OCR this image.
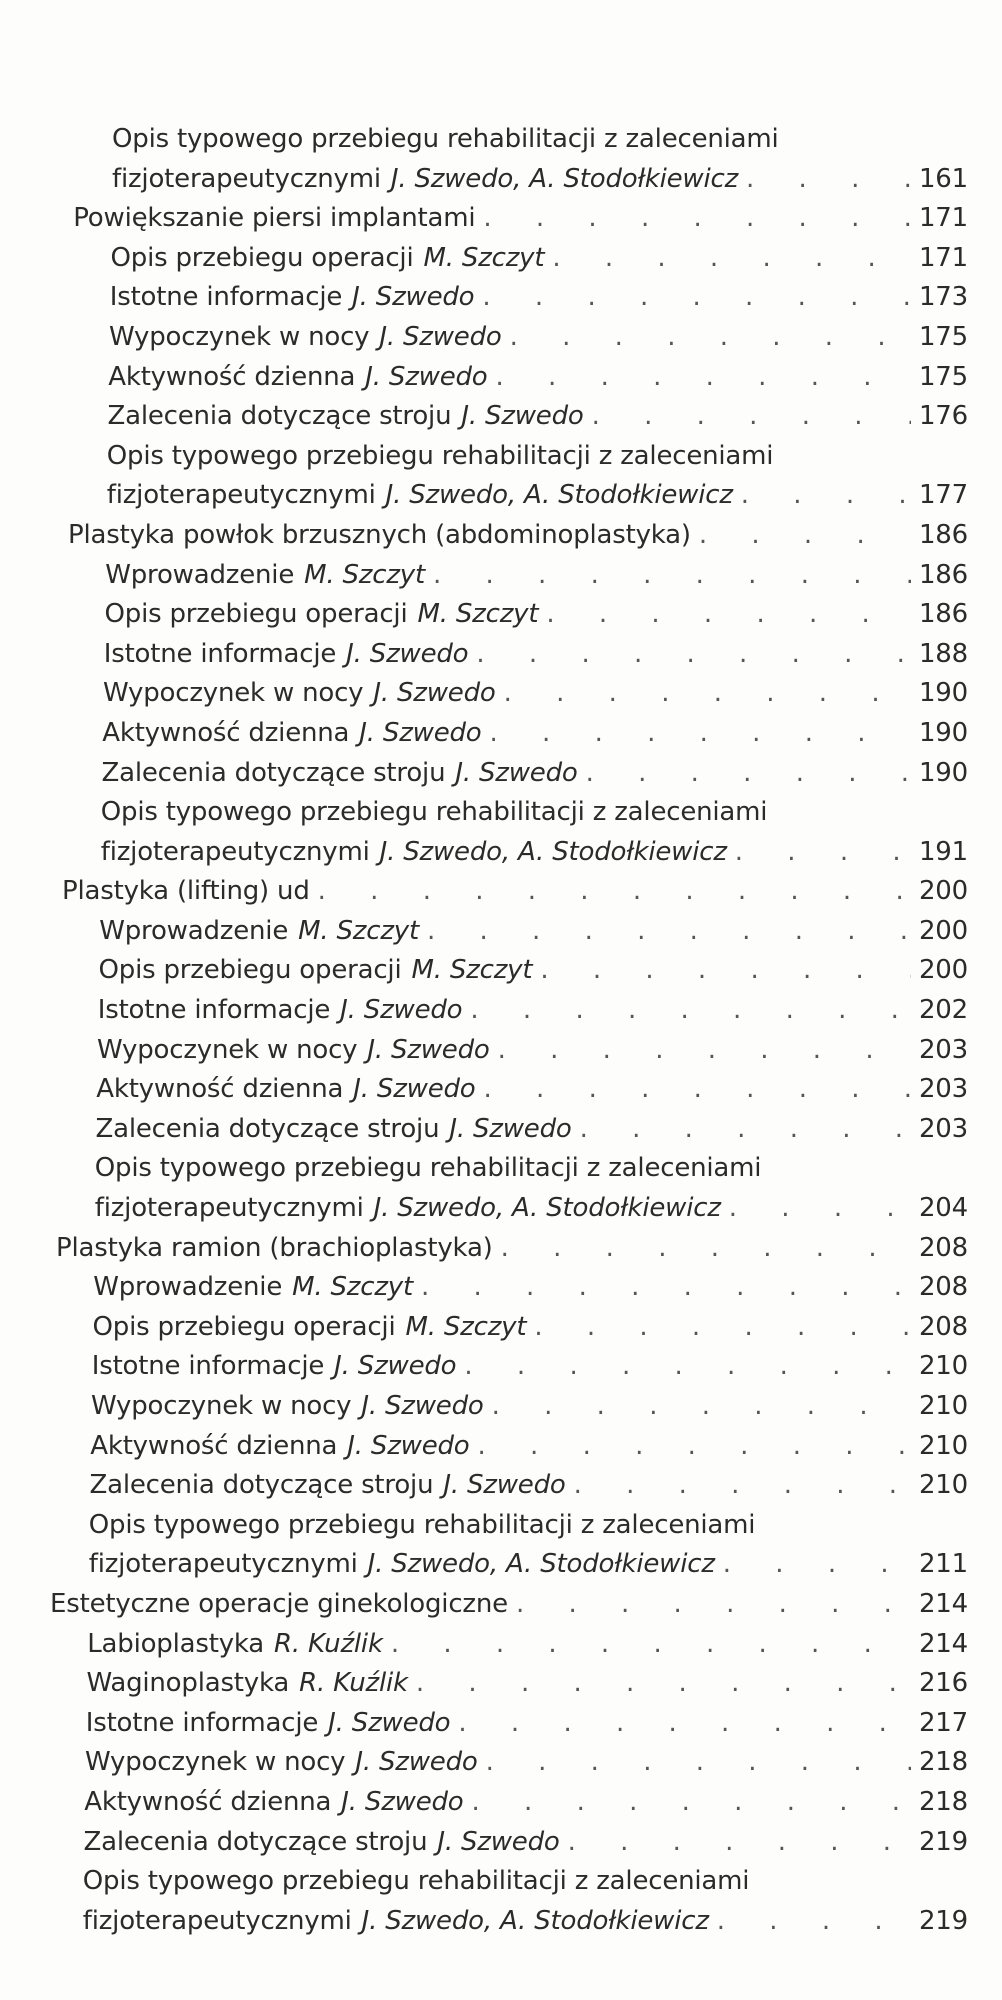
Opis typowego przebiegu rehabilitacji z zaleceniami
fizjoterapeutycznymi J. Szwedo, A. Stodołkiewicz . . .	161
Powiększanie piersi implantami . . .	171
Opis przebiegu operacji M. Szczyt . . .	171
Istotne informacje J. Szwedo . . .	173
Wypoczynek w nocy J. Szwedo . . .	175
Aktywność dzienna J. Szwedo . . .	175
Zalecenia dotyczące stroju J. Szwedo . . .	176
Opis typowego przebiegu rehabilitacji z zaleceniami
fizjoterapeutycznymi J. Szwedo, A. Stodołkiewicz . . .	177
Plastyka powłok brzusznych (abdominoplastyka) . . .	186
Wprowadzenie M. Szczyt . . .	186
Opis przebiegu operacji M. Szczyt . . .	186
Istotne informacje J. Szwedo . . .	188
Wypoczynek w nocy J. Szwedo . . .	190
Aktywność dzienna J. Szwedo . . .	190
Zalecenia dotyczące stroju J. Szwedo . . .	190
Opis typowego przebiegu rehabilitacji z zaleceniami
fizjoterapeutycznymi J. Szwedo, A. Stodołkiewicz . . .	191
Plastyka (lifting) ud . . .	200
Wprowadzenie M. Szczyt . . .	200
Opis przebiegu operacji M. Szczyt . . .	200
Istotne informacje J. Szwedo . . .	202
Wypoczynek w nocy J. Szwedo . . .	203
Aktywność dzienna J. Szwedo . . .	203
Zalecenia dotyczące stroju J. Szwedo . . .	203
Opis typowego przebiegu rehabilitacji z zaleceniami
fizjoterapeutycznymi J. Szwedo, A. Stodołkiewicz . . .	204
Plastyka ramion (brachioplastyka) . . .	208
Wprowadzenie M. Szczyt . . .	208
Opis przebiegu operacji M. Szczyt . . .	208
Istotne informacje J. Szwedo . . .	210
Wypoczynek w nocy J. Szwedo . . .	210
Aktywność dzienna J. Szwedo . . .	210
Zalecenia dotyczące stroju J. Szwedo . . .	210
Opis typowego przebiegu rehabilitacji z zaleceniami
fizjoterapeutycznymi J. Szwedo, A. Stodołkiewicz . . .	211
Estetyczne operacje ginekologiczne . . .	214
Labioplastyka R. Kuźlik . . .	214
Waginoplastyka R. Kuźlik . . .	216
Istotne informacje J. Szwedo . . .	217
Wypoczynek w nocy J. Szwedo . . .	218
Aktywność dzienna J. Szwedo . . .	218
Zalecenia dotyczące stroju J. Szwedo . . .	219
Opis typowego przebiegu rehabilitacji z zaleceniami
fizjoterapeutycznymi J. Szwedo, A. Stodołkiewicz . . .	219
